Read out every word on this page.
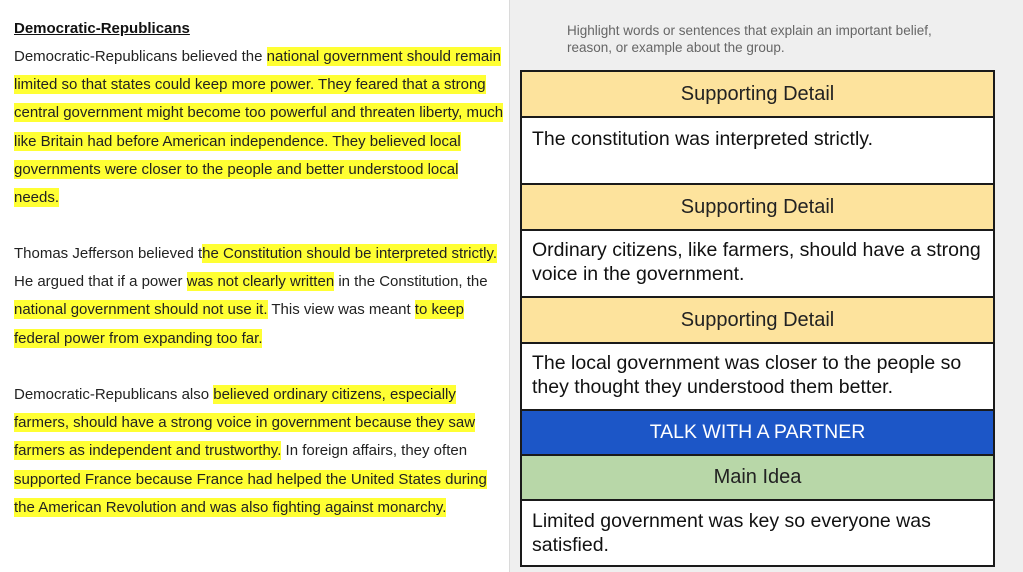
Democratic-Republicans
Democratic-Republicans believed the national government should remain limited so that states could keep more power. They feared that a strong central government might become too powerful and threaten liberty, much like Britain had before American independence. They believed local governments were closer to the people and better understood local needs.
Thomas Jefferson believed the Constitution should be interpreted strictly. He argued that if a power was not clearly written in the Constitution, the national government should not use it. This view was meant to keep federal power from expanding too far.
Democratic-Republicans also believed ordinary citizens, especially farmers, should have a strong voice in government because they saw farmers as independent and trustworthy. In foreign affairs, they often supported France because France had helped the United States during the American Revolution and was also fighting against monarchy.
Highlight words or sentences that explain an important belief, reason, or example about the group.
Supporting Detail
The constitution was interpreted strictly.
Supporting Detail
Ordinary citizens, like farmers, should have a strong voice in the government.
Supporting Detail
The local government was closer to the people so they thought they understood them better.
TALK WITH A PARTNER
Main Idea
Limited government was key so everyone was satisfied.
